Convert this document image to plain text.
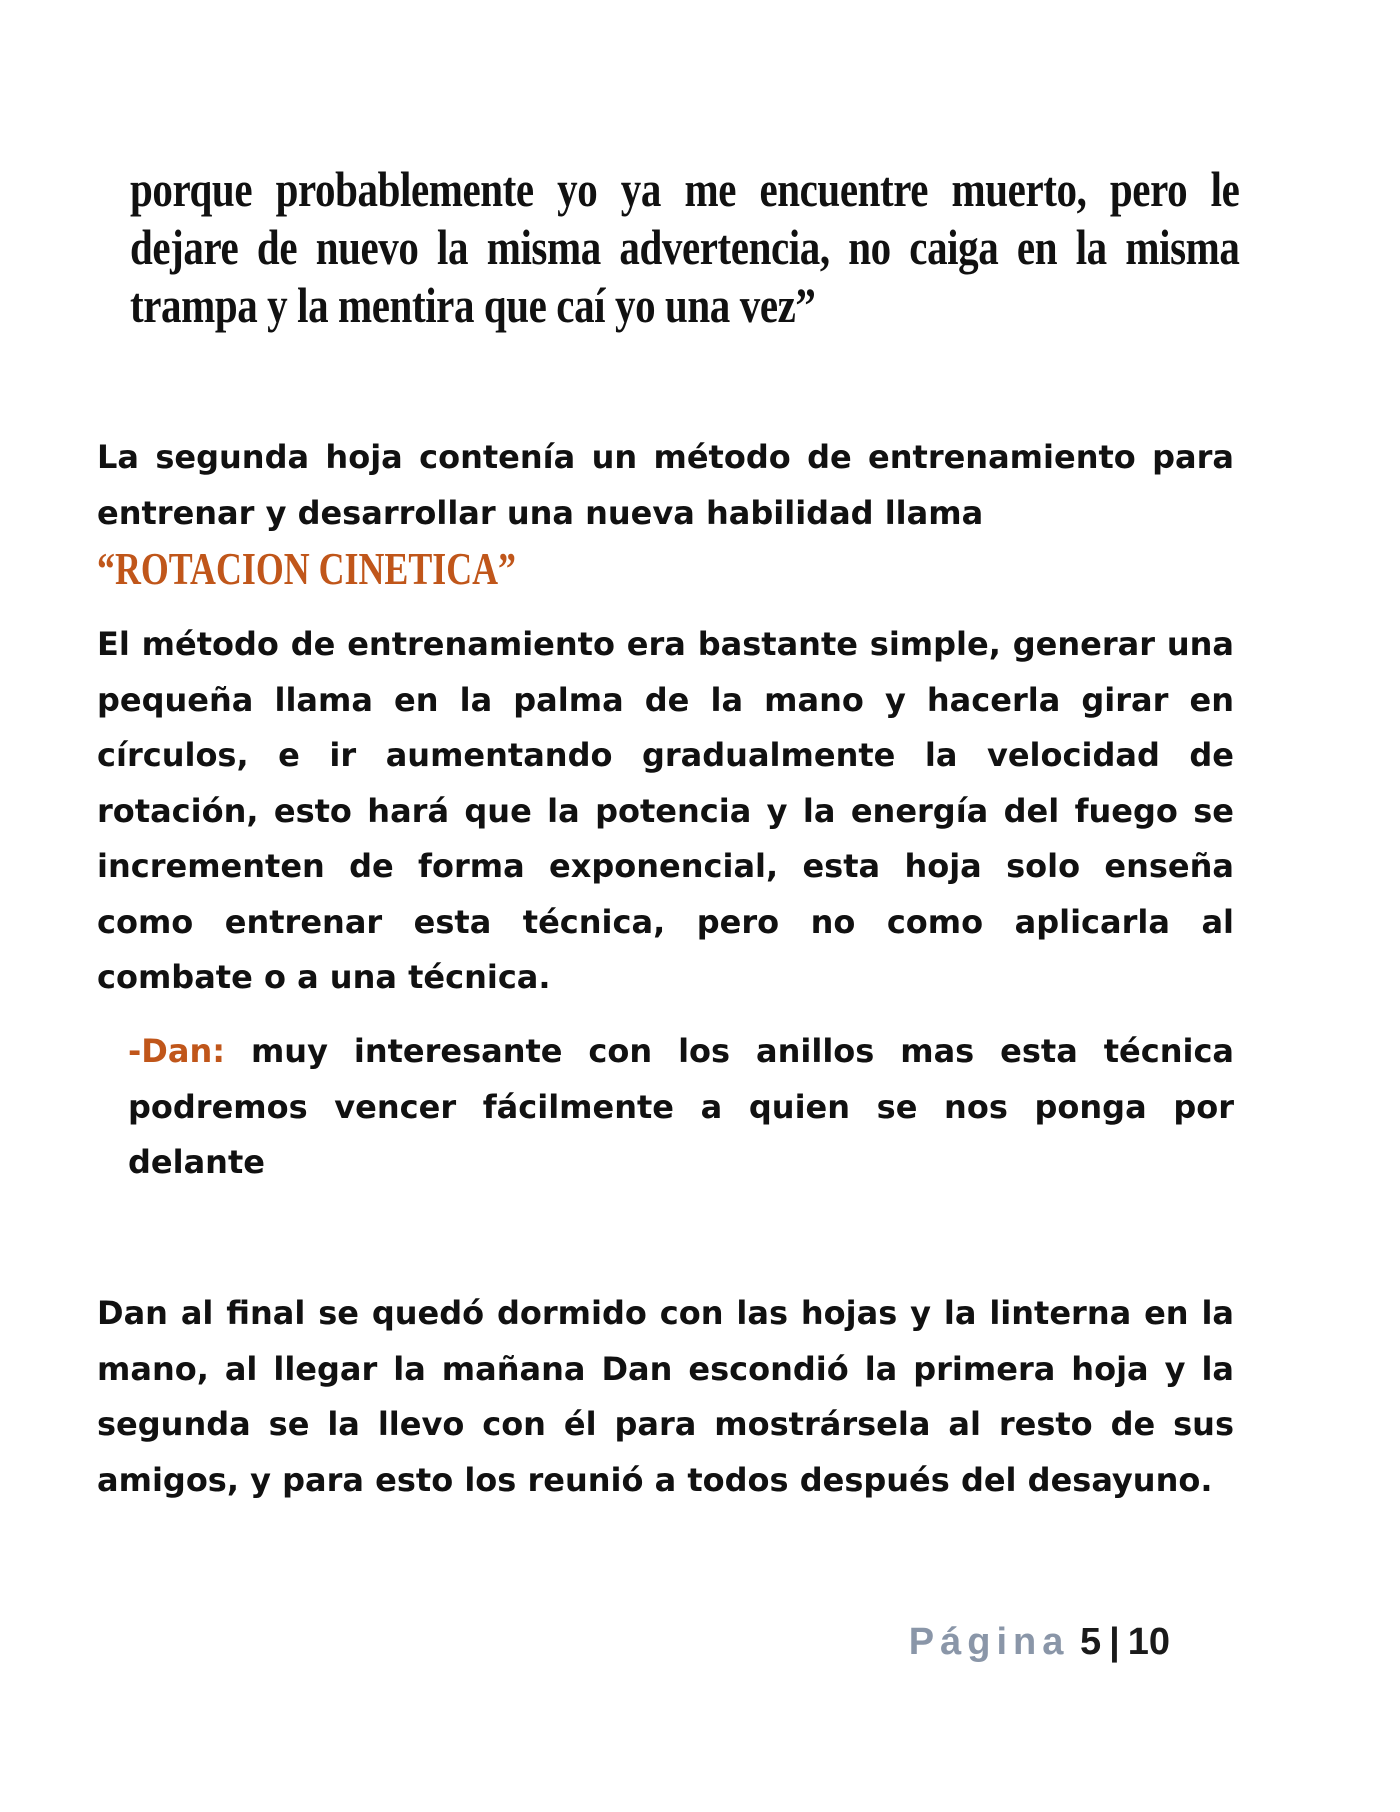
porque probablemente yo ya me encuentre muerto, pero le dejare de nuevo la misma advertencia, no caiga en la misma trampa y la mentira que caí yo una vez”

La segunda hoja contenía un método de entrenamiento para entrenar y desarrollar una nueva habilidad llama
“ROTACION CINETICA”

El método de entrenamiento era bastante simple, generar una pequeña llama en la palma de la mano y hacerla girar en círculos, e ir aumentando gradualmente la velocidad de rotación, esto hará que la potencia y la energía del fuego se incrementen de forma exponencial, esta hoja solo enseña como entrenar esta técnica, pero no como aplicarla al combate o a una técnica.

-Dan: muy interesante con los anillos mas esta técnica podremos vencer fácilmente a quien se nos ponga por delante

Dan al final se quedó dormido con las hojas y la linterna en la mano, al llegar la mañana Dan escondió la primera hoja y la segunda se la llevo con él para mostrársela al resto de sus amigos, y para esto los reunió a todos después del desayuno.

Página 5 | 10
